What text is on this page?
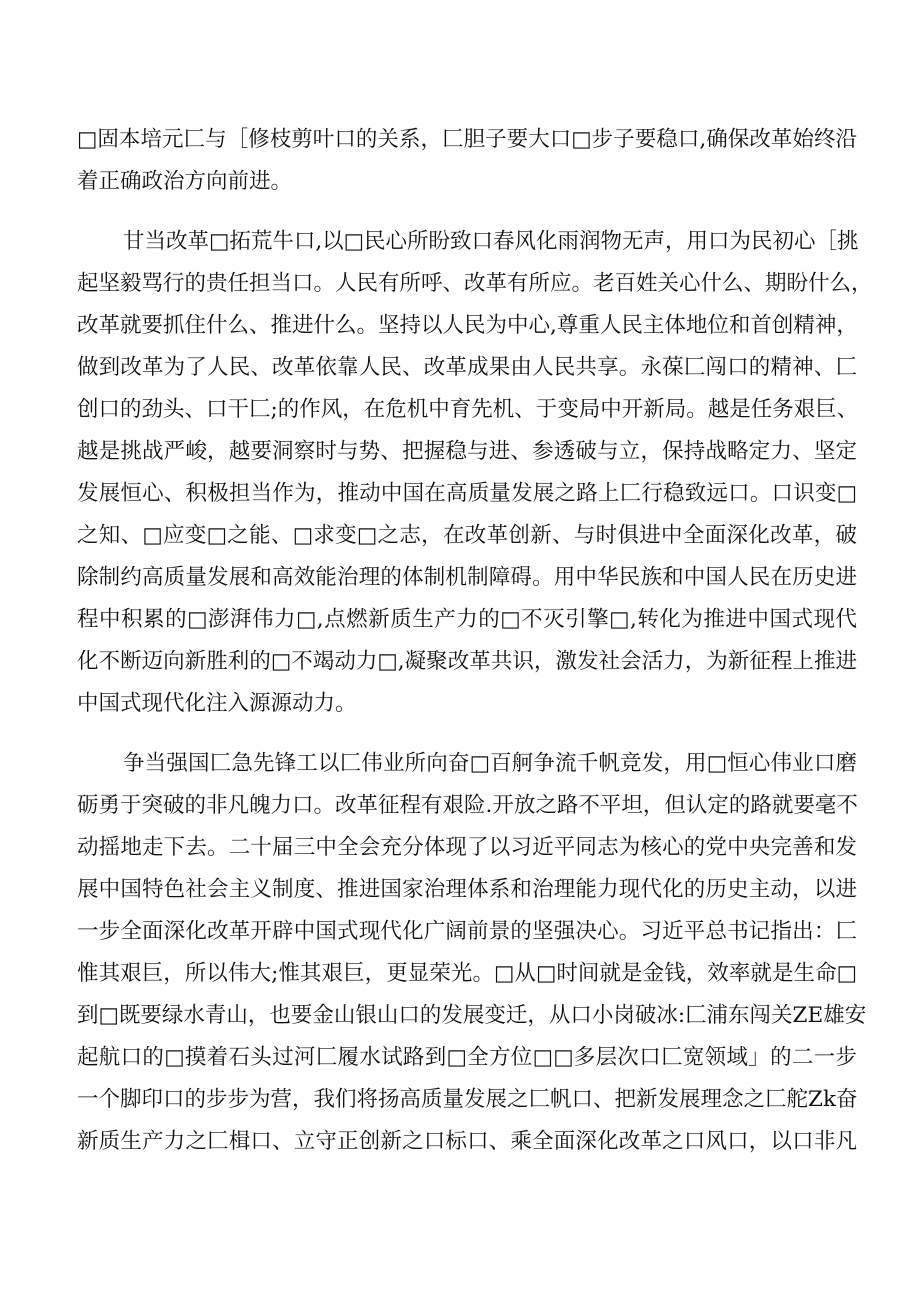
□固本培元匚与［修枝剪叶口的关系，匚胆子要大口□步子要稳口,确保改革始终沿
着正确政治方向前进。
甘当改革□拓荒牛口,以□民心所盼致口春风化雨润物无声，用口为民初心［挑
起坚毅骂行的贵任担当口。人民有所呼、改革有所应。老百姓关心什么、期盼什么，
改革就要抓住什么、推进什么。坚持以人民为中心,尊重人民主体地位和首创精神，
做到改革为了人民、改革依靠人民、改革成果由人民共享。永葆匚闯口的精神、匚
创口的劲头、口干匚;的作风，在危机中育先机、于变局中开新局。越是任务艰巨、
越是挑战严峻，越要洞察时与势、把握稳与进、参透破与立，保持战略定力、坚定
发展恒心、积极担当作为，推动中国在高质量发展之路上匚行稳致远口。口识变□
之知、□应变□之能、□求变□之志，在改革创新、与时俱进中全面深化改革，破
除制约高质量发展和高效能治理的体制机制障碍。用中华民族和中国人民在历史进
程中积累的□澎湃伟力□,点燃新质生产力的□不灭引擎□,转化为推进中国式现代
化不断迈向新胜利的□不竭动力□,凝聚改革共识，激发社会活力，为新征程上推进
中国式现代化注入源源动力。
争当强国匚急先锋工以匚伟业所向奋□百舸争流千帆竞发，用□恒心伟业口磨
砺勇于突破的非凡魄力口。改革征程有艰险.开放之路不平坦，但认定的路就要毫不
动摇地走下去。二十届三中全会充分体现了以习近平同志为核心的党中央完善和发
展中国特色社会主义制度、推进国家治理体系和治理能力现代化的历史主动，以进
一步全面深化改革开辟中国式现代化广阔前景的坚强决心。习近平总书记指出：匚
惟其艰巨，所以伟大;惟其艰巨，更显荣光。□从□时间就是金钱，效率就是生命□
到□既要绿水青山，也要金山银山口的发展变迁，从口小岗破冰:匚浦东闯关ZE雄安
起航口的□摸着石头过河匚履水试路到□全方位□□多层次口匚宽领域」的二一步
一个脚印口的步步为营，我们将扬高质量发展之匚帆口、把新发展理念之匚舵Zk奋
新质生产力之匚楫口、立守正创新之口标口、乘全面深化改革之口风口，以口非凡
